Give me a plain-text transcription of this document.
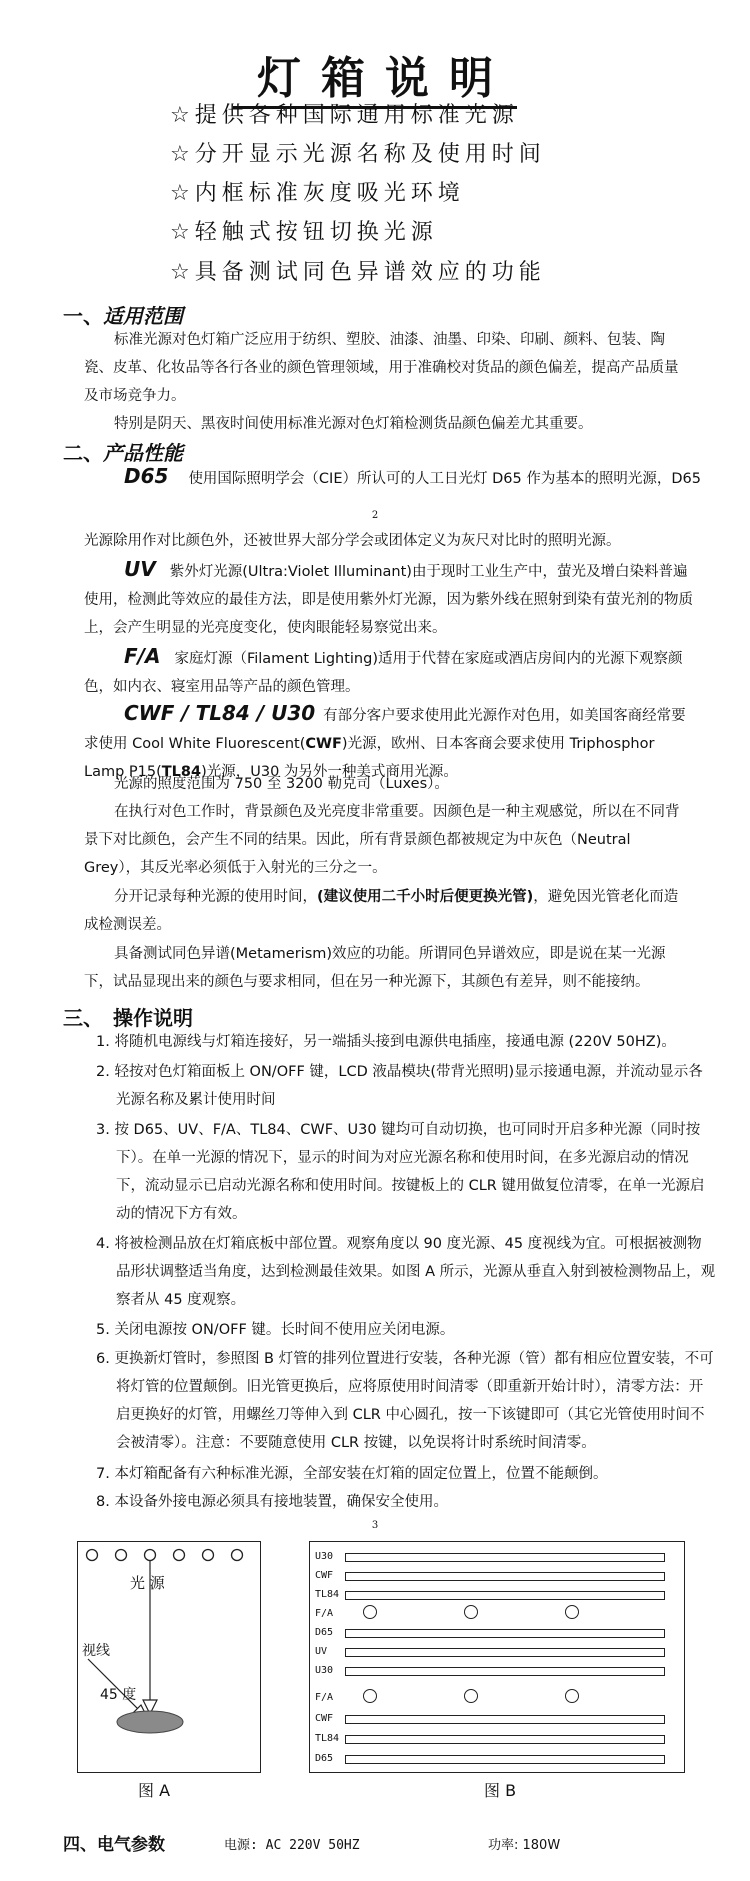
灯箱说明
☆提供各种国际通用标准光源
☆分开显示光源名称及使用时间
☆内框标准灰度吸光环境
☆轻触式按钮切换光源
☆具备测试同色异谱效应的功能
一、适用范围
标准光源对色灯箱广泛应用于纺织、塑胶、油漆、油墨、印染、印刷、颜料、包装、陶瓷、皮革、化妆品等各行各业的颜色管理领域，用于准确校对货品的颜色偏差，提高产品质量及市场竞争力。
特别是阴天、黑夜时间使用标准光源对色灯箱检测货品颜色偏差尤其重要。
二、产品性能
D65 使用国际照明学会（CIE）所认可的人工日光灯 D65 作为基本的照明光源，D65
2
光源除用作对比颜色外，还被世界大部分学会或团体定义为灰尺对比时的照明光源。
UV 紫外灯光源(Ultra:Violet Illuminant)由于现时工业生产中，萤光及增白染料普遍使用，检测此等效应的最佳方法，即是使用紫外灯光源，因为紫外线在照射到染有萤光剂的物质上，会产生明显的光亮度变化，使肉眼能轻易察觉出来。
F/A 家庭灯源（Filament Lighting)适用于代替在家庭或酒店房间内的光源下观察颜色，如内衣、寝室用品等产品的颜色管理。
CWF / TL84 / U30 有部分客户要求使用此光源作对色用，如美国客商经常要求使用 Cool White Fluorescent(CWF)光源，欧州、日本客商会要求使用 Triphosphor Lamp P15(TL84)光源，U30 为另外一种美式商用光源。
光源的照度范围为 750 至 3200 勒克司（Luxes）。
在执行对色工作时，背景颜色及光亮度非常重要。因颜色是一种主观感觉，所以在不同背景下对比颜色，会产生不同的结果。因此，所有背景颜色都被规定为中灰色（Neutral Grey），其反光率必须低于入射光的三分之一。
分开记录每种光源的使用时间，(建议使用二千小时后便更换光管)，避免因光管老化而造成检测误差。
具备测试同色异谱(Metamerism)效应的功能。所谓同色异谱效应，即是说在某一光源下，试品显现出来的颜色与要求相同，但在另一种光源下，其颜色有差异，则不能接纳。
三、 操作说明
1. 将随机电源线与灯箱连接好，另一端插头接到电源供电插座，接通电源 (220V 50HZ)。
2. 轻按对色灯箱面板上 ON/OFF 键，LCD 液晶模块(带背光照明)显示接通电源，并流动显示各光源名称及累计使用时间
3. 按 D65、UV、F/A、TL84、CWF、U30 键均可自动切换，也可同时开启多种光源（同时按下）。在单一光源的情况下，显示的时间为对应光源名称和使用时间，在多光源启动的情况下，流动显示已启动光源名称和使用时间。按键板上的 CLR 键用做复位清零，在单一光源启动的情况下方有效。
4. 将被检测品放在灯箱底板中部位置。观察角度以 90 度光源、45 度视线为宜。可根据被测物品形状调整适当角度，达到检测最佳效果。如图 A 所示，光源从垂直入射到被检测物品上，观察者从 45 度观察。
5. 关闭电源按 ON/OFF 键。长时间不使用应关闭电源。
6. 更换新灯管时，参照图 B 灯管的排列位置进行安装，各种光源（管）都有相应位置安装，不可将灯管的位置颠倒。旧光管更换后，应将原使用时间清零（即重新开始计时），清零方法：开启更换好的灯管，用螺丝刀等伸入到 CLR 中心圆孔，按一下该键即可（其它光管使用时间不会被清零）。注意：不要随意使用 CLR 按键，以免误将计时系统时间清零。
7. 本灯箱配备有六种标准光源，全部安装在灯箱的固定位置上，位置不能颠倒。
8. 本设备外接电源必须具有接地装置，确保安全使用。
3
光 源
视线
45 度
图 A
U30
CWF
TL84
F/A
D65
UV
U30
F/A
CWF
TL84
D65
图 B
四、电气参数	电源: AC 220V 50HZ	功率: 180W
